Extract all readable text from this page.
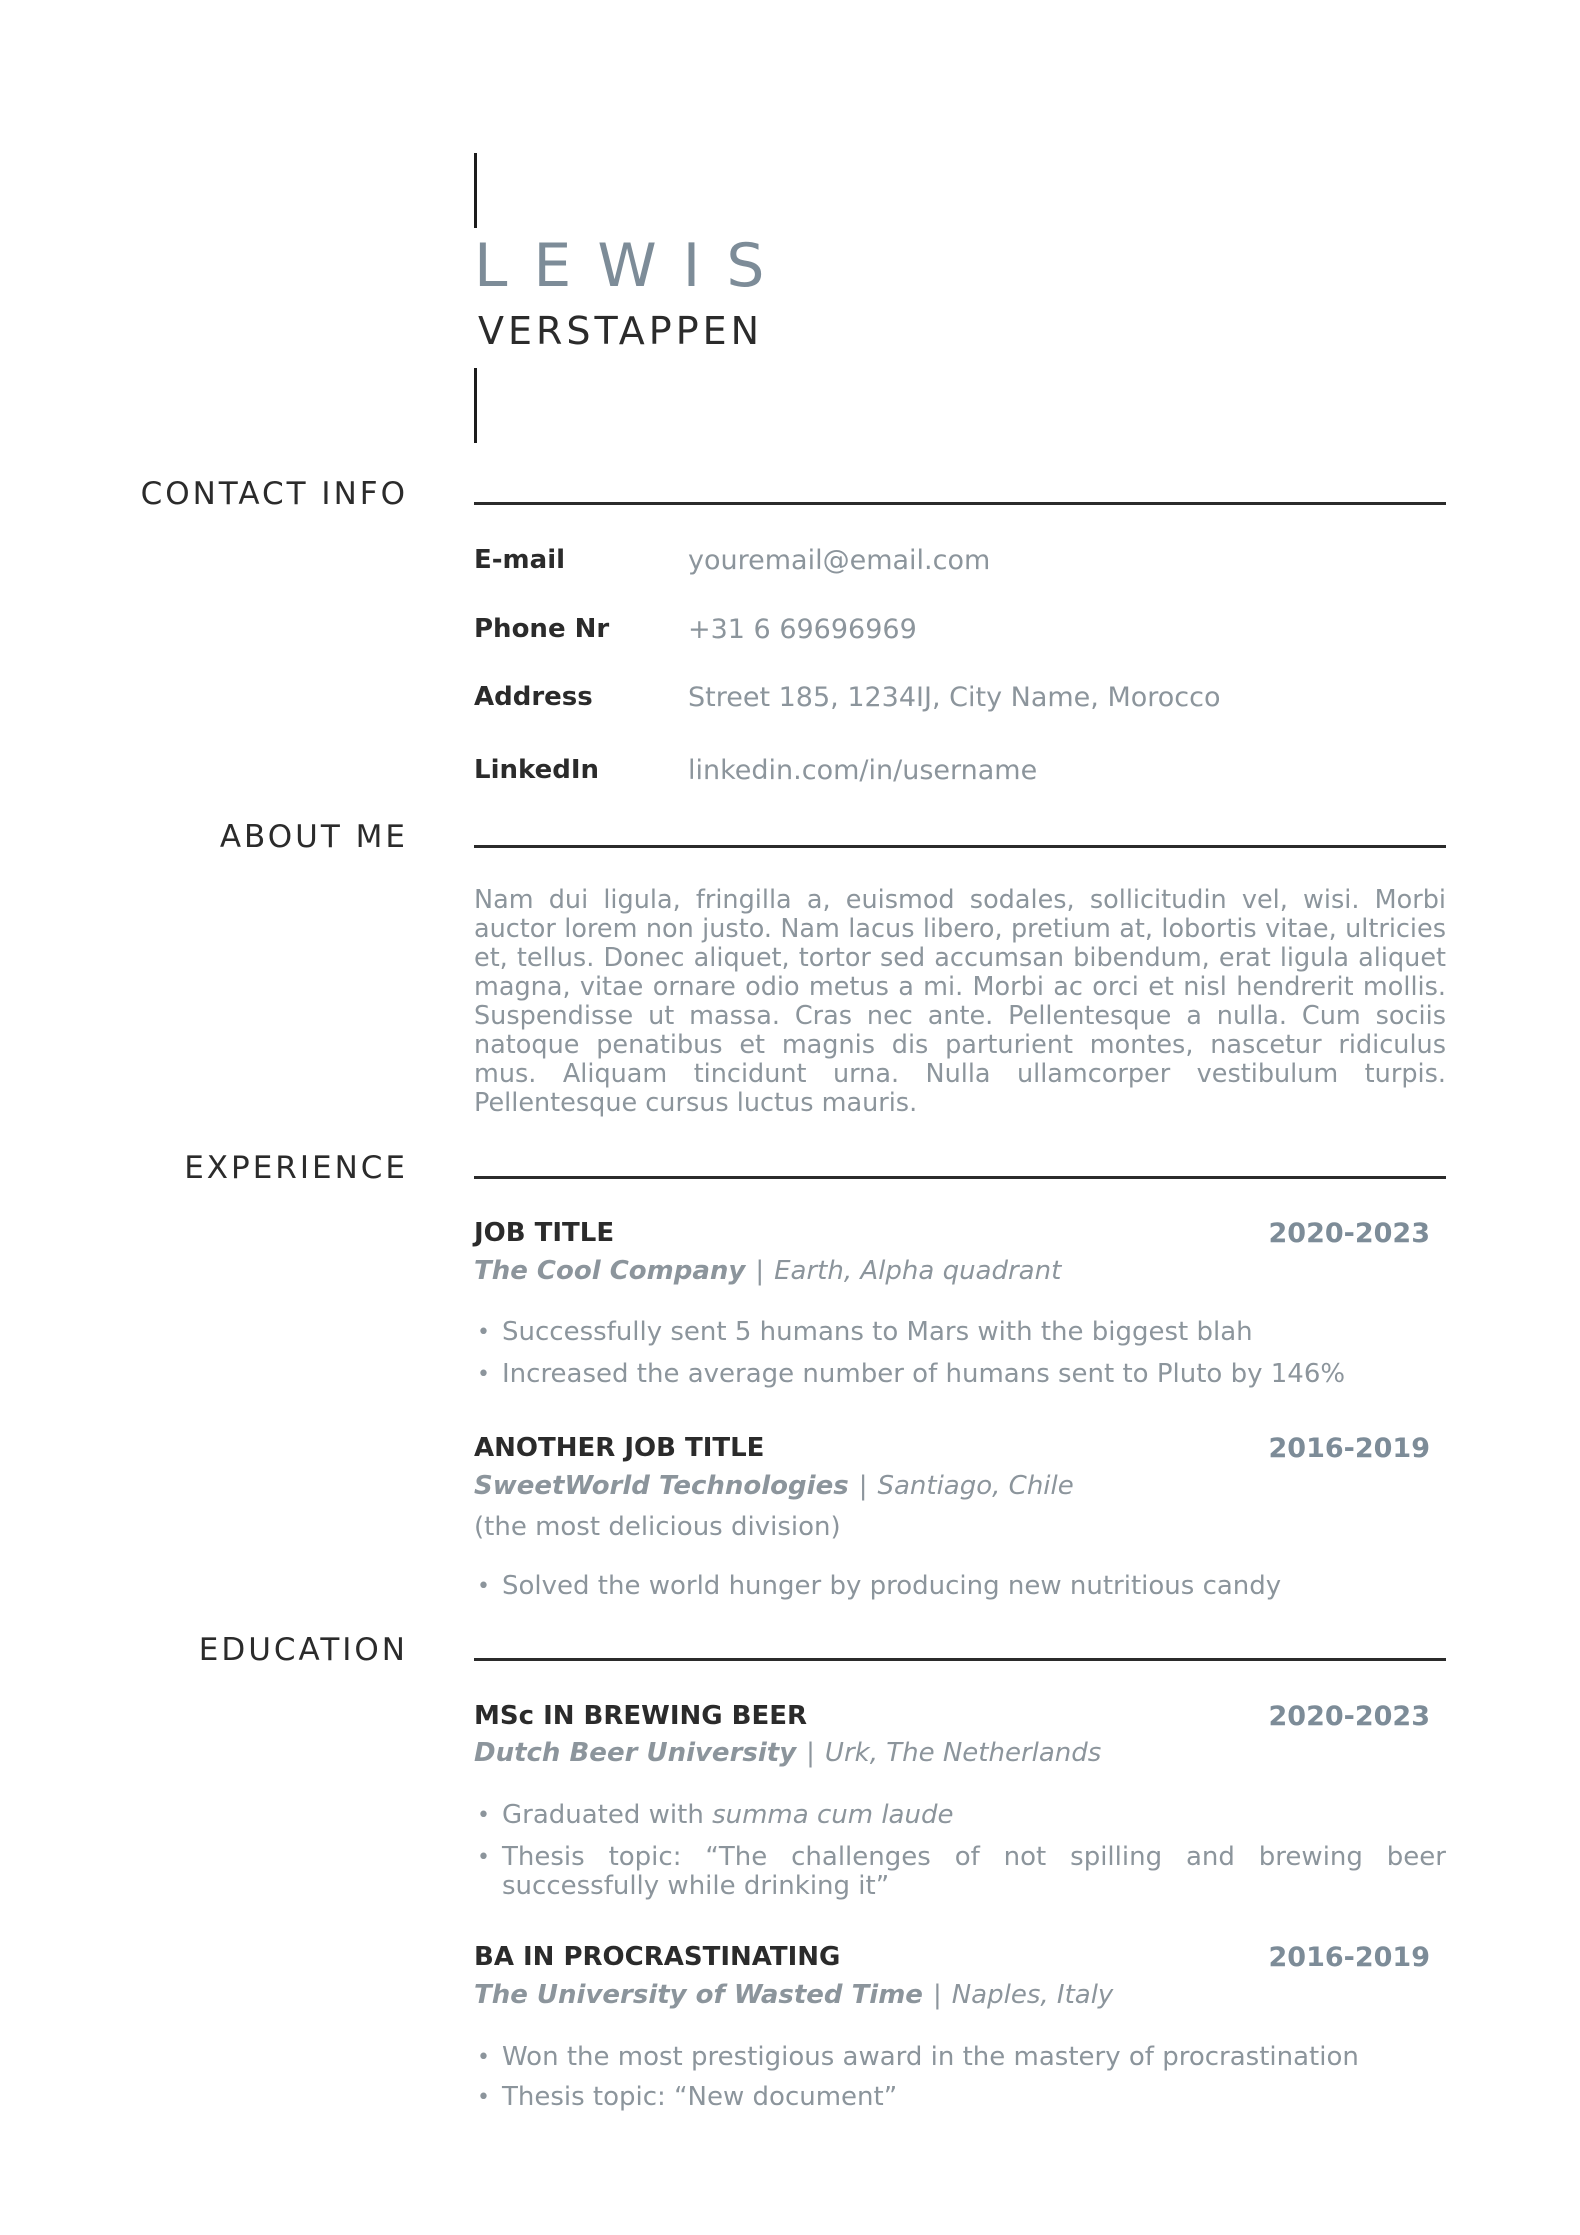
LEWIS
VERSTAPPEN
CONTACT INFO
E-mail	youremail@email.com
Phone Nr	+31 6 69696969
Address	Street 185, 1234IJ, City Name, Morocco
LinkedIn	linkedin.com/in/username
ABOUT ME

Nam dui ligula, fringilla a, euismod sodales, sollicitudin vel, wisi. Morbi auctor lorem non justo. Nam lacus libero, pretium at, lobortis vitae, ultricies et, tellus. Donec aliquet, tortor sed accumsan bibendum, erat ligula aliquet magna, vitae ornare odio metus a mi. Morbi ac orci et nisl hendrerit mollis. Suspendisse ut massa. Cras nec ante. Pellentesque a nulla. Cum sociis natoque penatibus et magnis dis parturient montes, nascetur ridiculus mus. Aliquam tincidunt urna. Nulla ullamcorper vestibulum turpis. Pellentesque cursus luctus mauris.

EXPERIENCE
JOB TITLE	2020-2023
The Cool Company | Earth, Alpha quadrant
• Successfully sent 5 humans to Mars with the biggest blah
• Increased the average number of humans sent to Pluto by 146%
ANOTHER JOB TITLE	2016-2019
SweetWorld Technologies | Santiago, Chile
(the most delicious division)
• Solved the world hunger by producing new nutritious candy
EDUCATION
MSc IN BREWING BEER	2020-2023
Dutch Beer University | Urk, The Netherlands
• Graduated with summa cum laude
• Thesis topic: “The challenges of not spilling and brewing beer successfully while drinking it”
BA IN PROCRASTINATING	2016-2019
The University of Wasted Time | Naples, Italy
• Won the most prestigious award in the mastery of procrastination
• Thesis topic: “New document”
